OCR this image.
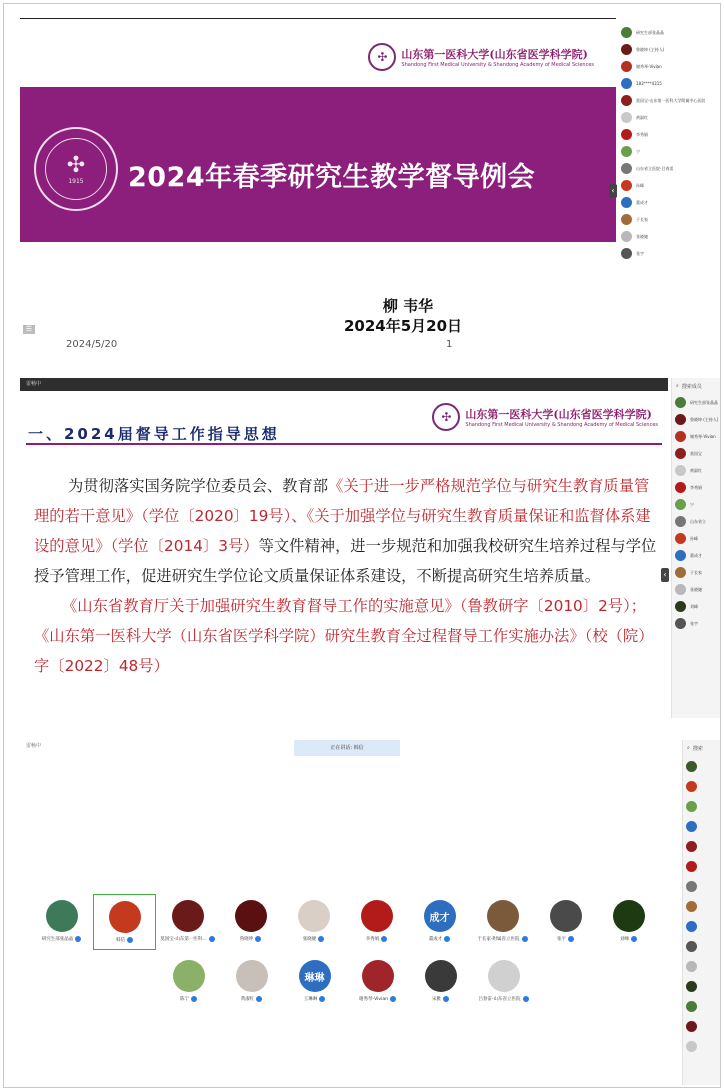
✣	山东第一医科大学(山东省医学科学院)
Shandong First Medical University & Shandong Academy of Medical Sciences
✣
1915 2024年春季研究生教学督导例会
柳 韦华
2024年5月20日
☰
2024/5/20	1
‹
研究生部张晶晶
鲁晓坤 (主持人)
谢秀琴-Vivian
183****4315
莫国宝-山东第一医科大学附属中心医院
黄淑红
李秀娟
宁
山东省立医院-吕春雷
孙峰
董成才
于长家
张晓婕
张宇
雷畅中
✣	山东第一医科大学(山东省医学科学院)
Shandong First Medical University & Shandong Academy of Medical Sciences
一、2024届督导工作指导思想

为贯彻落实国务院学位委员会、教育部《关于进一步严格规范学位与研究生教育质量管理的若干意见》（学位〔2020〕19号）、《关于加强学位与研究生教育质量保证和监督体系建设的意见》（学位〔2014〕3号）等文件精神，进一步规范和加强我校研究生培养过程与学位授予管理工作，促进研究生学位论文质量保证体系建设，不断提高研究生培养质量。

《山东省教育厅关于加强研究生教育督导工作的实施意见》（鲁教研字〔2010〕2号）；《山东第一医科大学（山东省医学科学院）研究生教育全过程督导工作实施办法》（校（院）字〔2022〕48号）

‹
⌕ 搜索成员
研究生部张晶晶
鲁晓坤 (主持人)
谢秀琴-Vivian
莫国宝
黄淑红
李秀娟
宁
山东省立
孙峰
董成才
于长家
张晓婕
刘峰
张宇
雷畅中	正在讲话: 韩信
研究生部张晶晶	韩信	莫国宝-山东第一医科...	鲁晓坤	张晓婕	李秀娟
成才
董成才	于长家-附属省立医院	张宇	刘峰
陈宁	黄淑红
琳琳
王琳琳	谢秀琴-Vivian	宋雅	吕春雷-山东省立医院
⌕ 搜索
